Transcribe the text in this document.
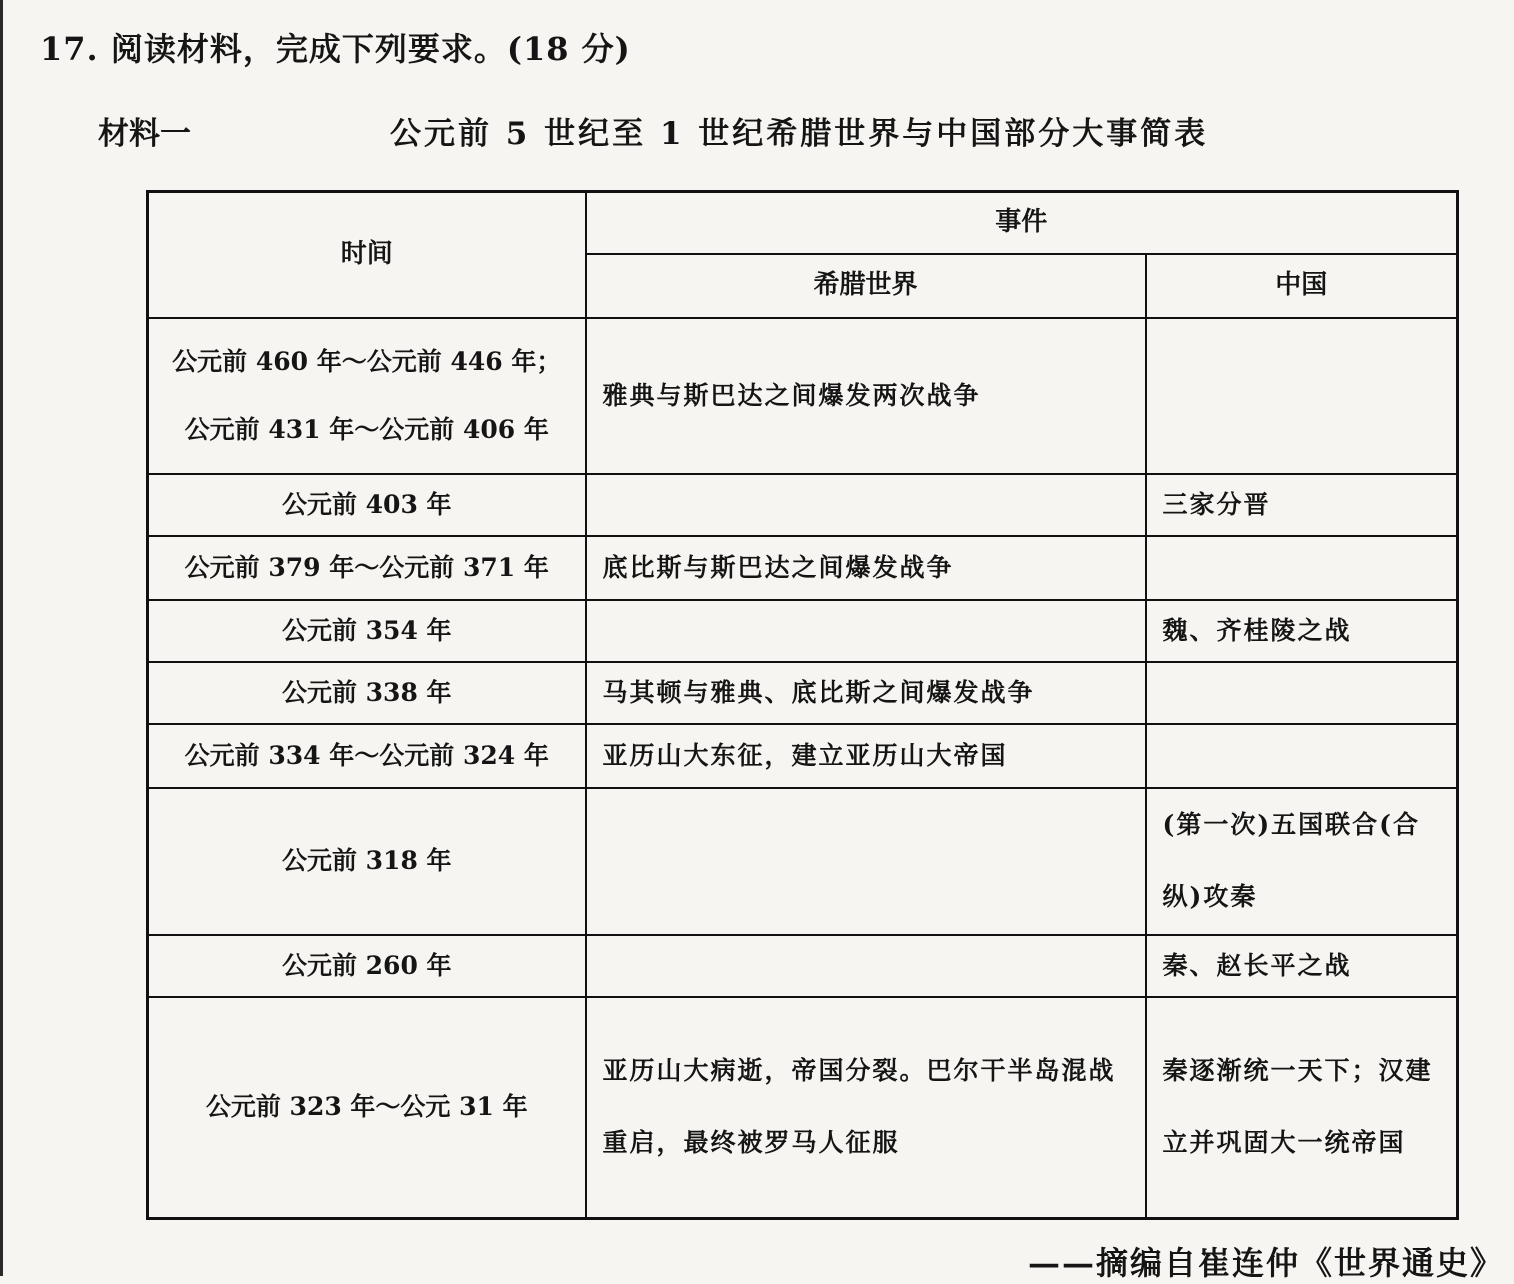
17. 阅读材料，完成下列要求。(18 分)
材料一	公元前 5 世纪至 1 世纪希腊世界与中国部分大事简表
时间	事件	
	希腊世界	中国

公元前 460 年～公元前 446 年；
公元前 431 年～公元前 406 年	雅典与斯巴达之间爆发两次战争	
公元前 403 年		三家分晋
公元前 379 年～公元前 371 年	底比斯与斯巴达之间爆发战争	
公元前 354 年		魏、齐桂陵之战
公元前 338 年	马其顿与雅典、底比斯之间爆发战争	
公元前 334 年～公元前 324 年	亚历山大东征，建立亚历山大帝国	
公元前 318 年		(第一次)五国联合(合纵)攻秦
公元前 260 年		秦、赵长平之战
公元前 323 年～公元 31 年	亚历山大病逝，帝国分裂。巴尔干半岛混战重启，最终被罗马人征服	秦逐渐统一天下；汉建立并巩固大一统帝国
——摘编自崔连仲《世界通史》
